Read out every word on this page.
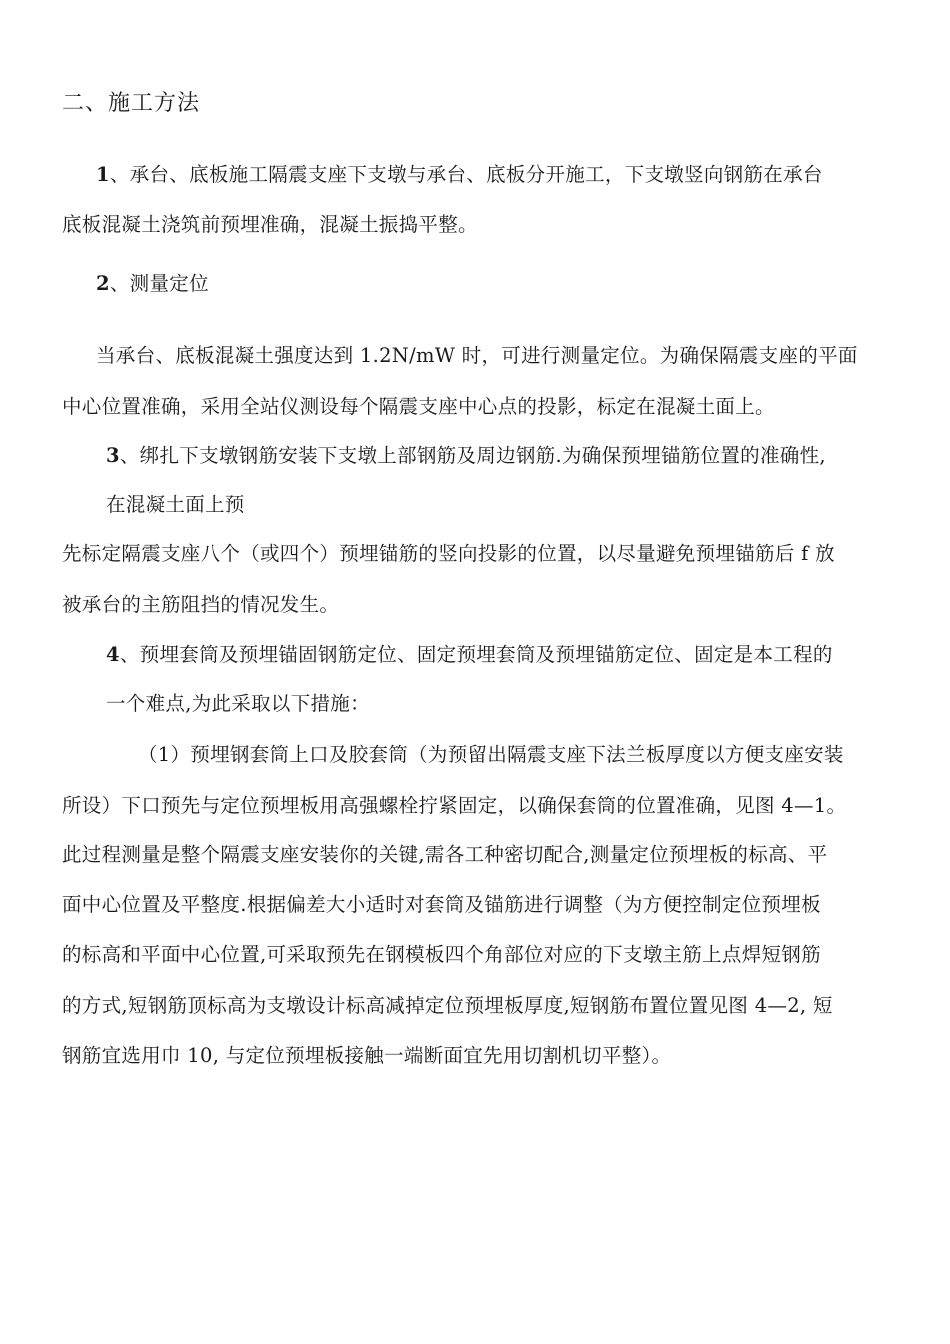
二、施工方法
1、承台、底板施工隔震支座下支墩与承台、底板分开施工，下支墩竖向钢筋在承台
底板混凝土浇筑前预埋准确，混凝土振捣平整。
2、测量定位
当承台、底板混凝土强度达到 1.2N/mW 时，可进行测量定位。为确保隔震支座的平面
中心位置准确，采用全站仪测设每个隔震支座中心点的投影，标定在混凝土面上。
3、绑扎下支墩钢筋安装下支墩上部钢筋及周边钢筋.为确保预埋锚筋位置的准确性,
在混凝土面上预
先标定隔震支座八个（或四个）预埋锚筋的竖向投影的位置，以尽量避免预埋锚筋后 f 放
被承台的主筋阻挡的情况发生。
4、预埋套筒及预埋锚固钢筋定位、固定预埋套筒及预埋锚筋定位、固定是本工程的
一个难点,为此采取以下措施：
（1）预埋钢套筒上口及胶套筒（为预留出隔震支座下法兰板厚度以方便支座安装
所设）下口预先与定位预埋板用高强螺栓拧紧固定，以确保套筒的位置准确，见图 4—1。
此过程测量是整个隔震支座安装你的关键,需各工种密切配合,测量定位预埋板的标高、平
面中心位置及平整度.根据偏差大小适时对套筒及锚筋进行调整（为方便控制定位预埋板
的标高和平面中心位置,可采取预先在钢模板四个角部位对应的下支墩主筋上点焊短钢筋
的方式,短钢筋顶标高为支墩设计标高减掉定位预埋板厚度,短钢筋布置位置见图 4—2, 短
钢筋宜选用巾 10, 与定位预埋板接触一端断面宜先用切割机切平整）。
